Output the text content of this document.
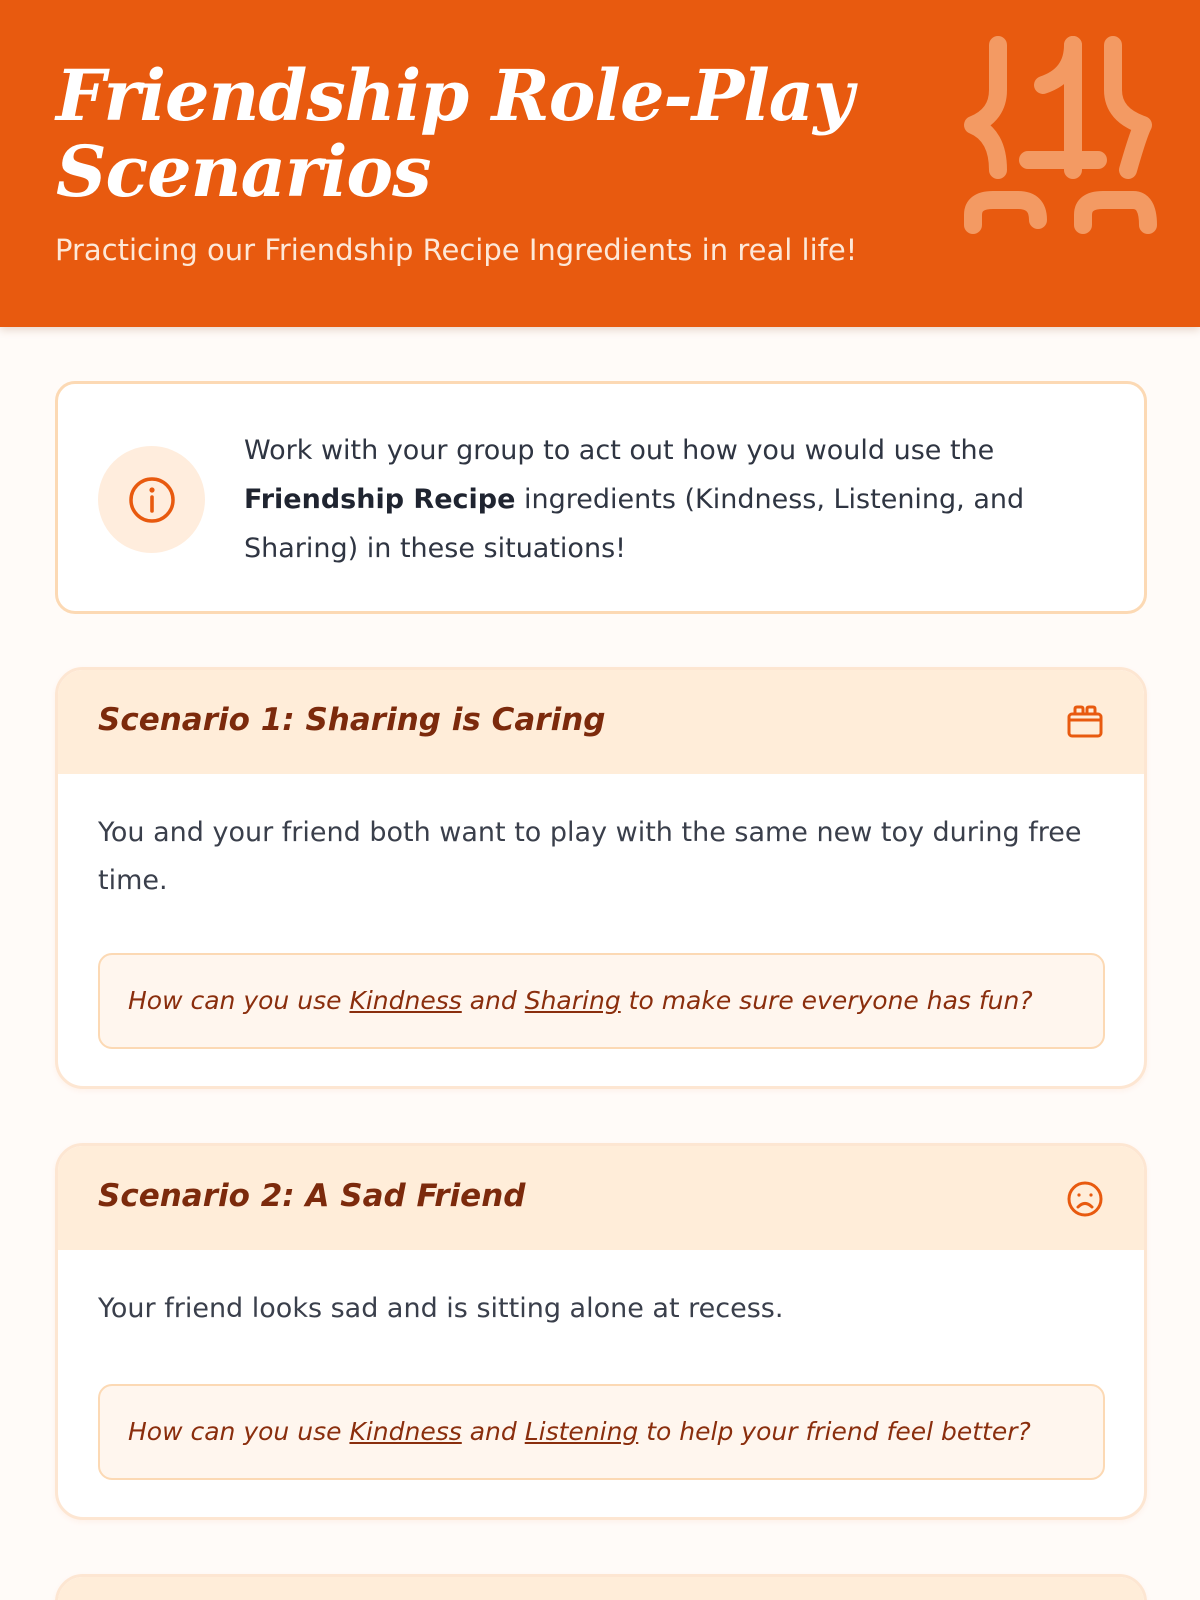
Friendship Role-Play Scenarios

Practicing our Friendship Recipe Ingredients in real life!

Work with your group to act out how you would use the Friendship Recipe ingredients (Kindness, Listening, and Sharing) in these situations!

Scenario 1: Sharing is Caring

You and your friend both want to play with the same new toy during free time.

How can you use Kindness and Sharing to make sure everyone has fun?

Scenario 2: A Sad Friend

Your friend looks sad and is sitting alone at recess.

How can you use Kindness and Listening to help your friend feel better?
